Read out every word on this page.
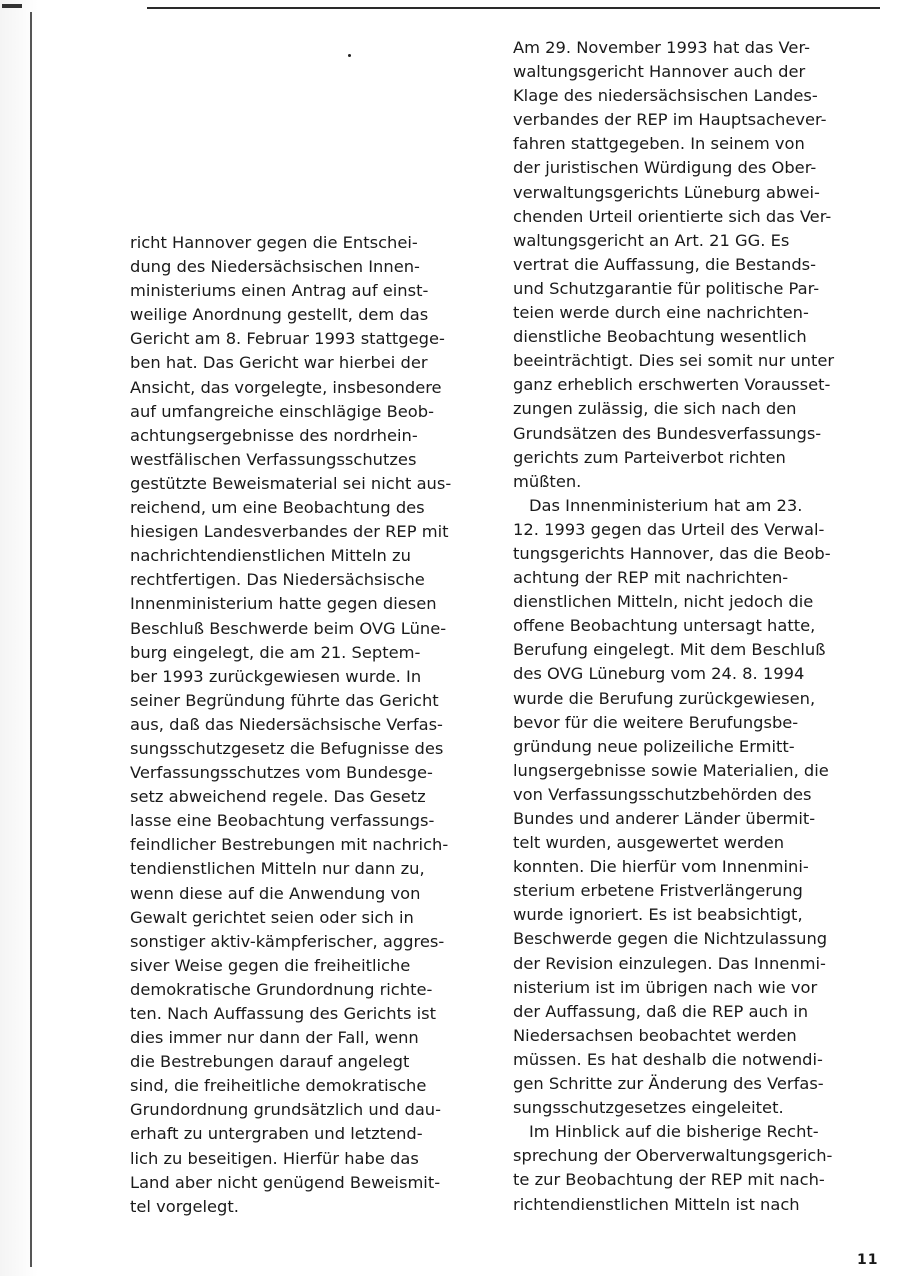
richt Hannover gegen die Entschei-
dung des Niedersächsischen Innen-
ministeriums einen Antrag auf einst-
weilige Anordnung gestellt, dem das
Gericht am 8. Februar 1993 stattgege-
ben hat. Das Gericht war hierbei der
Ansicht, das vorgelegte, insbesondere
auf umfangreiche einschlägige Beob-
achtungsergebnisse des nordrhein-
westfälischen Verfassungsschutzes
gestützte Beweismaterial sei nicht aus-
reichend, um eine Beobachtung des
hiesigen Landesverbandes der REP mit
nachrichtendienstlichen Mitteln zu
rechtfertigen. Das Niedersächsische
Innenministerium hatte gegen diesen
Beschluß Beschwerde beim OVG Lüne-
burg eingelegt, die am 21. Septem-
ber 1993 zurückgewiesen wurde. In
seiner Begründung führte das Gericht
aus, daß das Niedersächsische Verfas-
sungsschutzgesetz die Befugnisse des
Verfassungsschutzes vom Bundesge-
setz abweichend regele. Das Gesetz
lasse eine Beobachtung verfassungs-
feindlicher Bestrebungen mit nachrich-
tendienstlichen Mitteln nur dann zu,
wenn diese auf die Anwendung von
Gewalt gerichtet seien oder sich in
sonstiger aktiv-kämpferischer, aggres-
siver Weise gegen die freiheitliche
demokratische Grundordnung richte-
ten. Nach Auffassung des Gerichts ist
dies immer nur dann der Fall, wenn
die Bestrebungen darauf angelegt
sind, die freiheitliche demokratische
Grundordnung grundsätzlich und dau-
erhaft zu untergraben und letztend-
lich zu beseitigen. Hierfür habe das
Land aber nicht genügend Beweismit-
tel vorgelegt.
Am 29. November 1993 hat das Ver-
waltungsgericht Hannover auch der
Klage des niedersächsischen Landes-
verbandes der REP im Hauptsachever-
fahren stattgegeben. In seinem von
der juristischen Würdigung des Ober-
verwaltungsgerichts Lüneburg abwei-
chenden Urteil orientierte sich das Ver-
waltungsgericht an Art. 21 GG. Es
vertrat die Auffassung, die Bestands-
und Schutzgarantie für politische Par-
teien werde durch eine nachrichten-
dienstliche Beobachtung wesentlich
beeinträchtigt. Dies sei somit nur unter
ganz erheblich erschwerten Vorausset-
zungen zulässig, die sich nach den
Grundsätzen des Bundesverfassungs-
gerichts zum Parteiverbot richten
müßten.
Das Innenministerium hat am 23.
12. 1993 gegen das Urteil des Verwal-
tungsgerichts Hannover, das die Beob-
achtung der REP mit nachrichten-
dienstlichen Mitteln, nicht jedoch die
offene Beobachtung untersagt hatte,
Berufung eingelegt. Mit dem Beschluß
des OVG Lüneburg vom 24. 8. 1994
wurde die Berufung zurückgewiesen,
bevor für die weitere Berufungsbe-
gründung neue polizeiliche Ermitt-
lungsergebnisse sowie Materialien, die
von Verfassungsschutzbehörden des
Bundes und anderer Länder übermit-
telt wurden, ausgewertet werden
konnten. Die hierfür vom Innenmini-
sterium erbetene Fristverlängerung
wurde ignoriert. Es ist beabsichtigt,
Beschwerde gegen die Nichtzulassung
der Revision einzulegen. Das Innenmi-
nisterium ist im übrigen nach wie vor
der Auffassung, daß die REP auch in
Niedersachsen beobachtet werden
müssen. Es hat deshalb die notwendi-
gen Schritte zur Änderung des Verfas-
sungsschutzgesetzes eingeleitet.
Im Hinblick auf die bisherige Recht-
sprechung der Oberverwaltungsgerich-
te zur Beobachtung der REP mit nach-
richtendienstlichen Mitteln ist nach
11
